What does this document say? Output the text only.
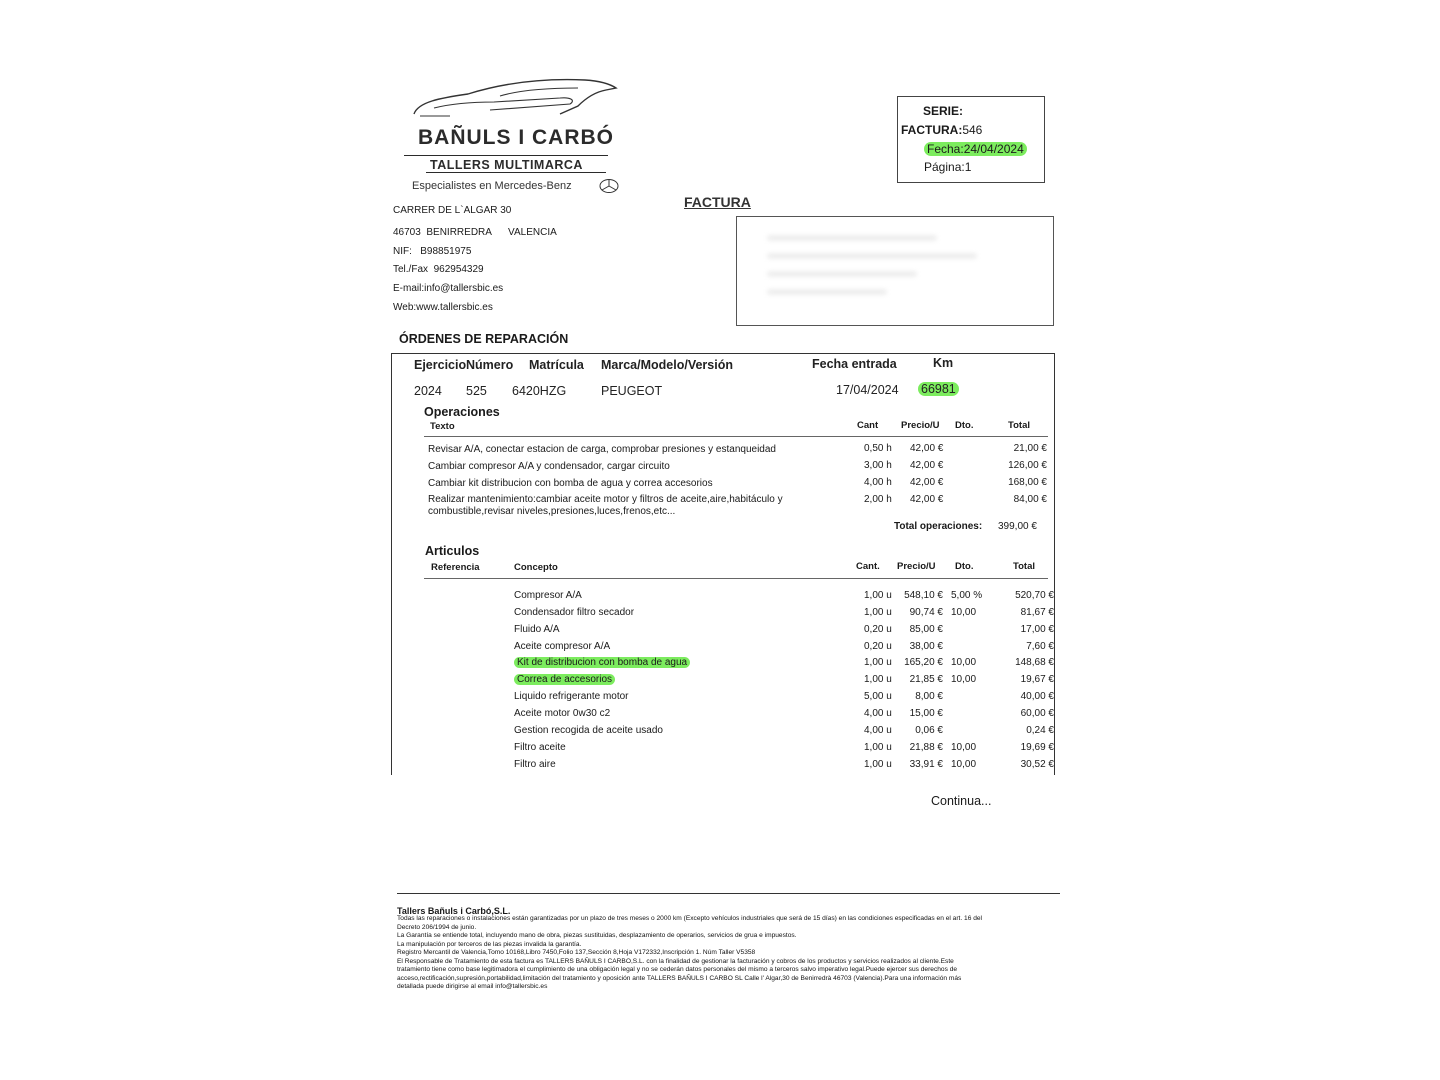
BAÑULS I CARBÓ
TALLERS MULTIMARCA
Especialistes en Mercedes-Benz
CARRER DE L`ALGAR 30
46703  BENIRREDRA      VALENCIA
NIF:   B98851975
Tel./Fax  962954329
E-mail:info@tallersbic.es
Web:www.tallersbic.es
SERIE:
FACTURA:546
Fecha:24/04/2024
Página:1
FACTURA
ÓRDENES DE REPARACIÓN
Ejercicio Número Matrícula Marca/Modelo/Versión	Fecha entrada	Km
2024 525 6420HZG	PEUGEOT	17/04/2024 66981
Operaciones
Texto	Cant Precio/U Dto.	Total
Revisar A/A, conectar estacion de carga, comprobar presiones y estanqueidad	0,50 h 42,00 €	21,00 €
Cambiar compresor A/A y condensador, cargar circuito	3,00 h 42,00 €	126,00 €
Cambiar kit distribucion con bomba de agua y correa accesorios	4,00 h 42,00 €	168,00 €
Realizar mantenimiento:cambiar aceite motor y filtros de aceite,aire,habitáculo y
combustible,revisar niveles,presiones,luces,frenos,etc...
2,00 h 42,00 €	84,00 €
Total operaciones: 399,00 €
Articulos
Referencia	Concepto	Cant. Precio/U Dto.	Total
Compresor A/A	1,00 u	548,10 € 5,00 %	520,70 €
Condensador filtro secador	1,00 u	90,74 € 10,00	81,67 €
Fluido A/A	0,20 u	85,00 €	17,00 €
Aceite compresor A/A	0,20 u	38,00 €	7,60 €
Kit de distribucion con bomba de agua	1,00 u	165,20 € 10,00	148,68 €
Correa de accesorios	1,00 u	21,85 € 10,00	19,67 €
Liquido refrigerante motor	5,00 u	8,00 €	40,00 €
Aceite motor 0w30 c2	4,00 u	15,00 €	60,00 €
Gestion recogida de aceite usado	4,00 u	0,06 €	0,24 €
Filtro aceite	1,00 u	21,88 € 10,00	19,69 €
Filtro aire	1,00 u	33,91 € 10,00	30,52 €
Continua...
Tallers Bañuls i Carbó,S.L.
Todas las reparaciones o instalaciones están garantizadas por un plazo de tres meses o 2000 km (Excepto vehículos industriales que será de 15 días) en las condiciones especificadas en el art. 16 del
Decreto 206/1994 de junio.
La Garantía se entiende total, incluyendo mano de obra, piezas sustituidas, desplazamiento de operarios, servicios de grua e impuestos.
La manipulación por terceros de las piezas invalida la garantía.
Registro Mercantil de Valencia,Tomo 10168,Libro 7450,Folio 137,Sección 8,Hoja V172332,Inscripción 1. Núm Taller V5358
El Responsable de Tratamiento de esta factura es TALLERS BAÑULS I CARBO,S.L. con la finalidad de gestionar la facturación y cobros de los productos y servicios realizados al cliente.Este
tratamiento tiene como base legitimadora el cumplimiento de una obligación legal y no se cederán datos personales del mismo a terceros salvo imperativo legal.Puede ejercer sus derechos de
acceso,rectificación,supresión,portabilidad,limitación del tratamiento y oposición ante TALLERS BAÑULS I CARBO SL Calle l' Algar,30 de Benirredrà 46703 (Valencia).Para una información más
detallada puede dirigirse al email info@tallersbic.es
